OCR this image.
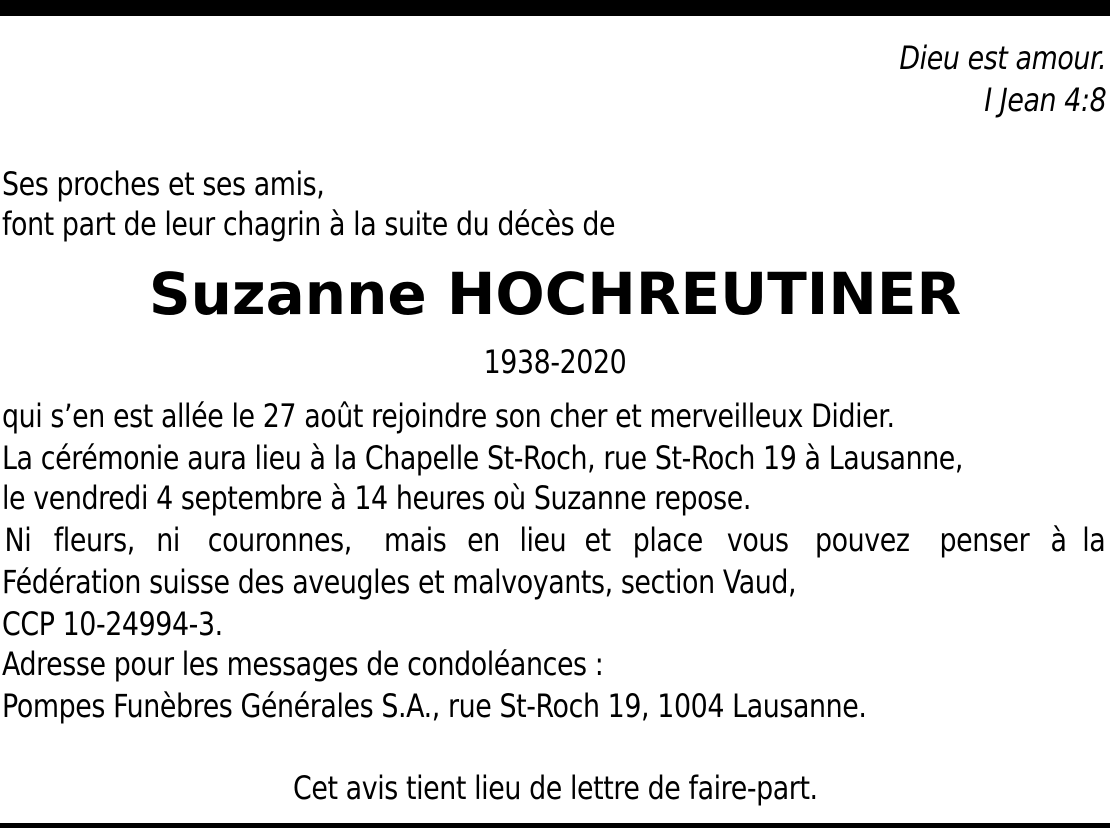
Dieu est amour.
I Jean 4:8
Ses proches et ses amis,
font part de leur chagrin à la suite du décès de
Suzanne HOCHREUTINER
1938-2020
qui s’en est allée le 27 août rejoindre son cher et merveilleux Didier.
La cérémonie aura lieu à la Chapelle St-Roch, rue St-Roch 19 à Lausanne,
le vendredi 4 septembre à 14 heures où Suzanne repose.
Ni fleurs, ni couronnes, mais en lieu et place vous pouvez penser à la
Fédération suisse des aveugles et malvoyants, section Vaud,
CCP 10-24994-3.
Adresse pour les messages de condoléances :
Pompes Funèbres Générales S.A., rue St-Roch 19, 1004 Lausanne.
Cet avis tient lieu de lettre de faire-part.
